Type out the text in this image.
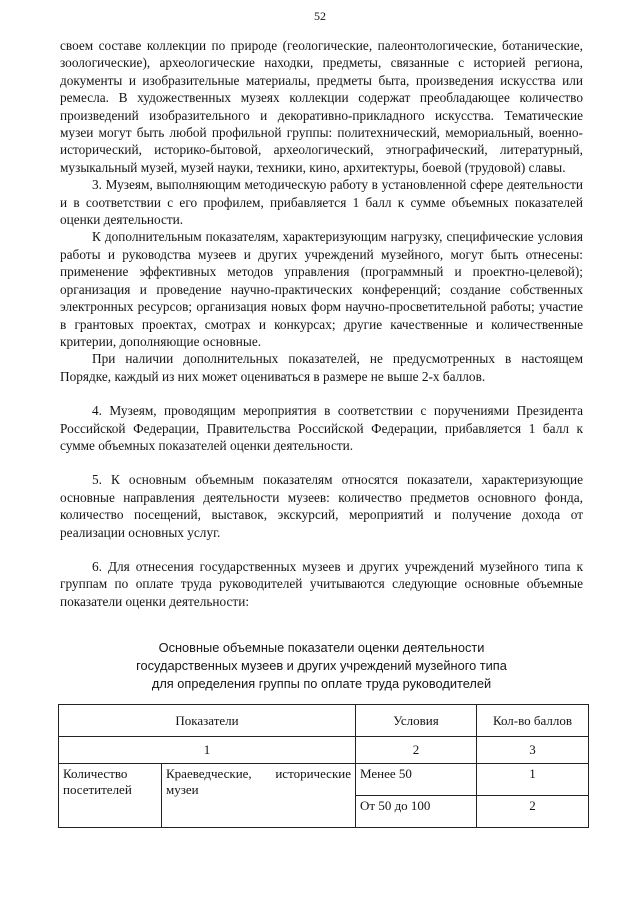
52

своем составе коллекции по природе (геологические, палеонтологические, ботанические, зоологические), археологические находки, предметы, связанные с историей региона, документы и изобразительные материалы, предметы быта, произведения искусства или ремесла. В художественных музеях коллекции содержат преобладающее количество произведений изобразительного и декоративно-прикладного искусства. Тематические музеи могут быть любой профильной группы: политехнический, мемориальный, военно-исторический, историко-бытовой, археологический, этнографический, литературный, музыкальный музей, музей науки, техники, кино, архитектуры, боевой (трудовой) славы.

3. Музеям, выполняющим методическую работу в установленной сфере деятельности и в соответствии с его профилем, прибавляется 1 балл к сумме объемных показателей оценки деятельности.

К дополнительным показателям, характеризующим нагрузку, специфические условия работы и руководства музеев и других учреждений музейного, могут быть отнесены: применение эффективных методов управления (программный и проектно-целевой); организация и проведение научно-практических конференций; создание собственных электронных ресурсов; организация новых форм научно-просветительной работы; участие в грантовых проектах, смотрах и конкурсах; другие качественные и количественные критерии, дополняющие основные.

При наличии дополнительных показателей, не предусмотренных в настоящем Порядке, каждый из них может оцениваться в размере не выше 2-х баллов.

4. Музеям, проводящим мероприятия в соответствии с поручениями Президента Российской Федерации, Правительства Российской Федерации, прибавляется 1 балл к сумме объемных показателей оценки деятельности.

5. К основным объемным показателям относятся показатели, характеризующие основные направления деятельности музеев: количество предметов основного фонда, количество посещений, выставок, экскурсий, мероприятий и получение дохода от реализации основных услуг.

6. Для отнесения государственных музеев и других учреждений музейного типа к группам по оплате труда руководителей учитываются следующие основные объемные показатели оценки деятельности:

Основные объемные показатели оценки деятельности
государственных музеев и других учреждений музейного типа
для определения группы по оплате труда руководителей
Показатели		Условия	Кол-во баллов
1		2	3
Количество посетителей	Краеведческие, исторические музеи	Менее 50	1
		От 50 до 100	2
